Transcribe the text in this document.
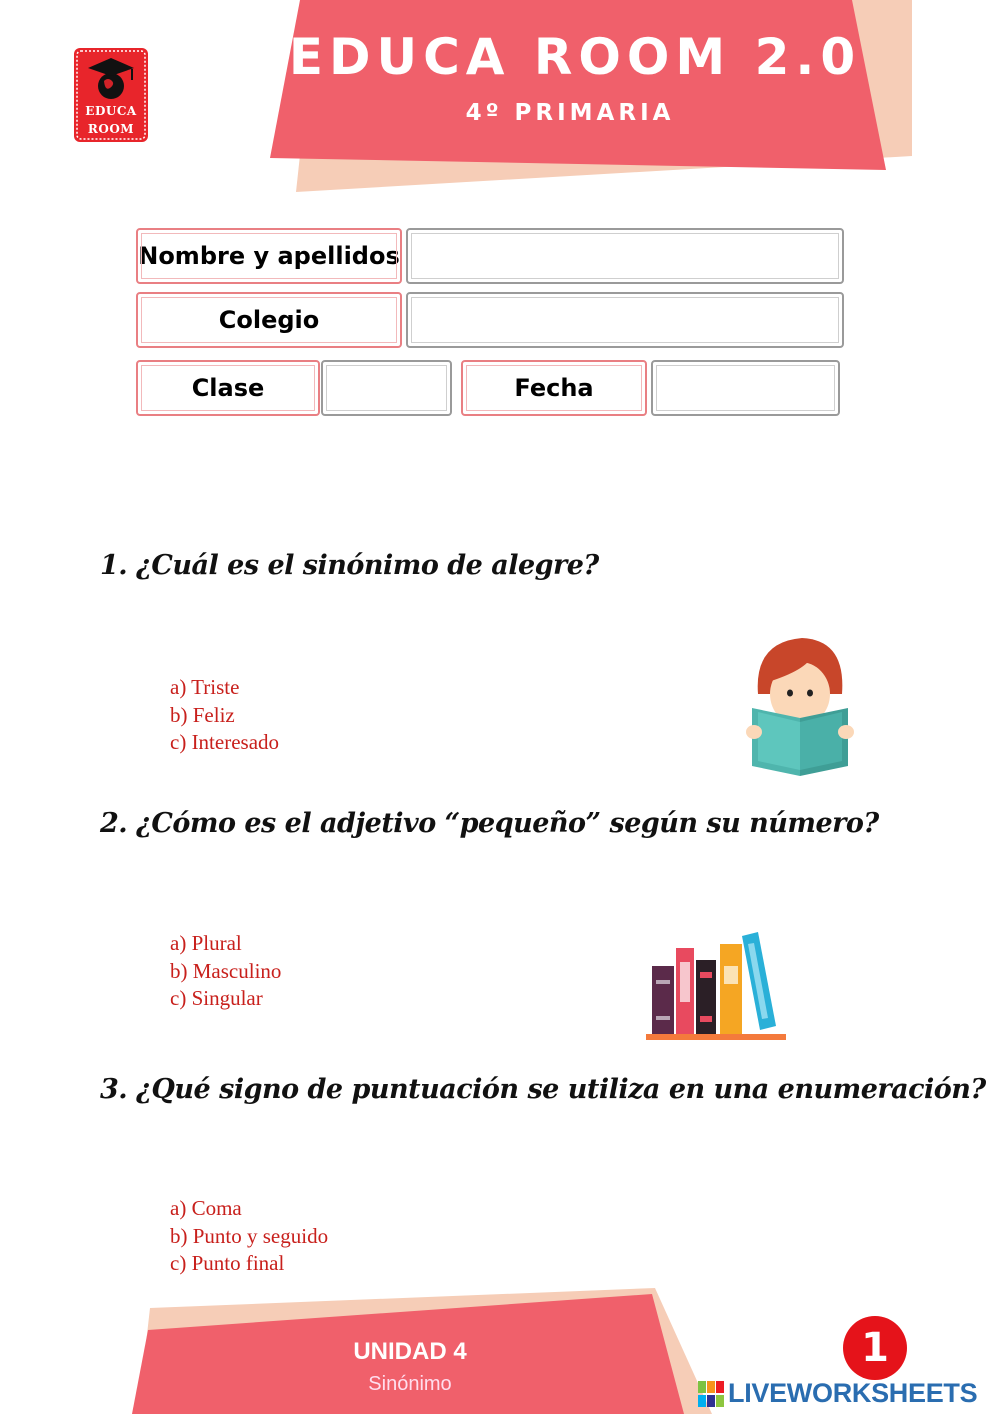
EDUCA
ROOM
EDUCA ROOM 2.0
4º PRIMARIA
Nombre y apellidos
Colegio
Clase	Fecha
1. ¿Cuál es el sinónimo de alegre?
a) Triste
b) Feliz
c) Interesado
2. ¿Cómo es el adjetivo “pequeño” según su número?
a) Plural
b) Masculino
c) Singular
3. ¿Qué signo de puntuación se utiliza en una enumeración?
a) Coma
b) Punto y seguido
c) Punto final
UNIDAD 4
Sinónimo
1
LIVEWORKSHEETS
